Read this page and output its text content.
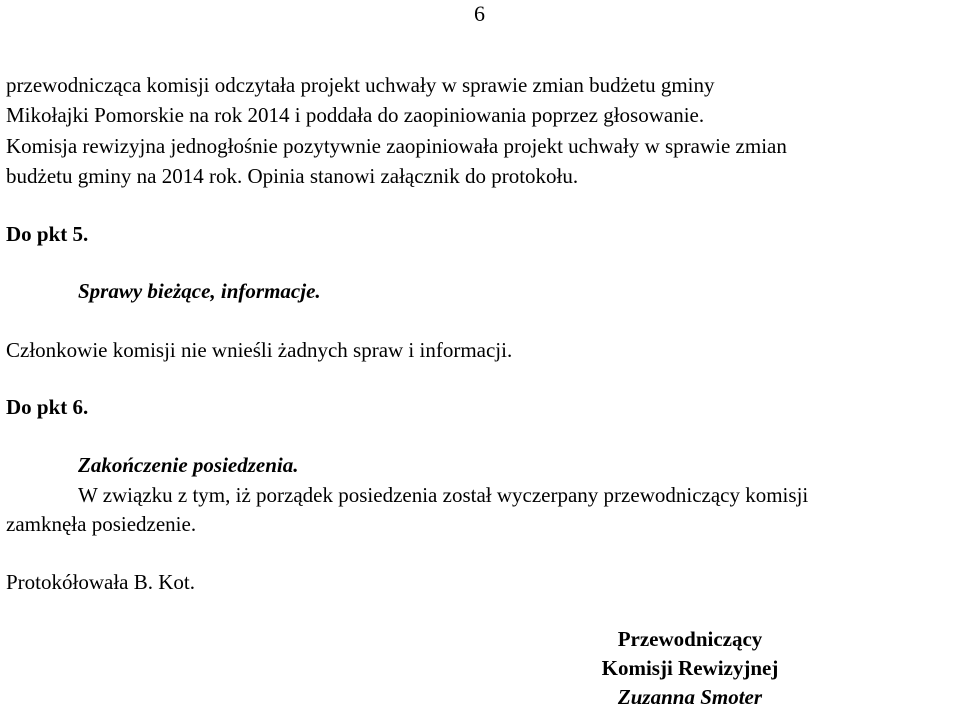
6
przewodnicząca komisji odczytała projekt uchwały w sprawie zmian budżetu gminy
Mikołajki Pomorskie na rok 2014 i poddała do zaopiniowania poprzez głosowanie.
Komisja rewizyjna jednogłośnie pozytywnie zaopiniowała projekt uchwały w sprawie zmian
budżetu gminy na 2014 rok. Opinia stanowi załącznik do protokołu.
Do pkt 5.
Sprawy bieżące, informacje.
Członkowie komisji nie wnieśli żadnych spraw i informacji.
Do pkt 6.
Zakończenie posiedzenia.
W związku z tym, iż porządek posiedzenia został wyczerpany przewodniczący komisji
zamknęła posiedzenie.
Protokółowała B. Kot.
Przewodniczący
Komisji Rewizyjnej
Zuzanna Smoter
